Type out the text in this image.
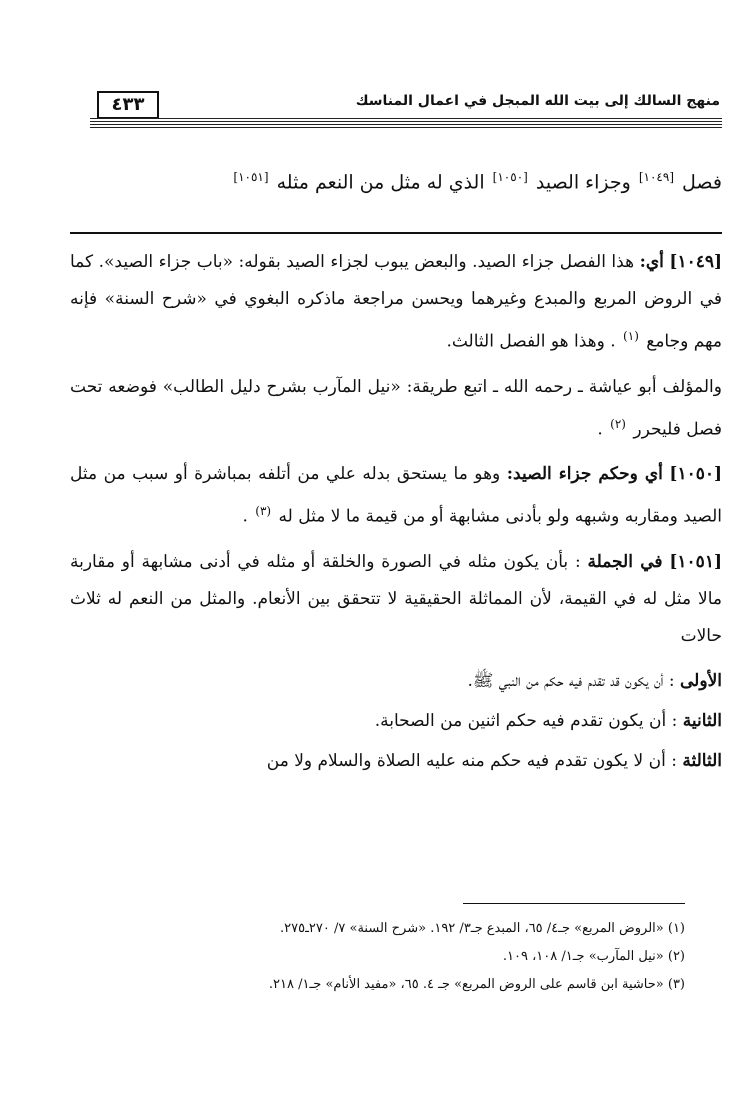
منهج السالك إلى بيت الله المبجل في اعمال المناسك
٤٣٣
فصل [١٠٤٩] وجزاء الصيد [١٠٥٠] الذي له مثل من النعم مثله [١٠٥١]

[١٠٤٩] أي: هذا الفصل جزاء الصيد. والبعض يبوب لجزاء الصيد بقوله: «باب جزاء الصيد». كما في الروض المربع والمبدع وغيرهما ويحسن مراجعة ماذكره البغوي في «شرح السنة» فإنه مهم وجامع $^{(١)}$ . وهذا هو الفصل الثالث.

والمؤلف أبو عياشة ـ رحمه الله ـ اتبع طريقة: «نيل المآرب بشرح دليل الطالب» فوضعه تحت فصل فليحرر $^{(٢)}$ .

[١٠٥٠] أي وحكم جزاء الصيد: وهو ما يستحق بدله علي من أتلفه بمباشرة أو سبب من مثل الصيد ومقاربه وشبهه ولو بأدنى مشابهة أو من قيمة ما لا مثل له $^{(٣)}$ .

[١٠٥١] في الجملة : بأن يكون مثله في الصورة والخلقة أو مثله في أدنى مشابهة أو مقاربة مالا مثل له في القيمة، لأن المماثلة الحقيقية لا تتحقق بين الأنعام. والمثل من النعم له ثلاث حالات

الأولى : أن يكون قد تقدم فيه حكم من النبي ﷺ.

الثانية : أن يكون تقدم فيه حكم اثنين من الصحابة.

الثالثة : أن لا يكون تقدم فيه حكم منه عليه الصلاة والسلام ولا من

(١) «الروض المربع» جـ٤/ ٦٥، المبدع جـ٣/ ١٩٢. «شرح السنة» ٧/ ٢٧٠ـ٢٧٥.

(٢) «نيل المآرب» جـ١/ ١٠٨، ١٠٩.

(٣) «حاشية ابن قاسم على الروض المربع» جـ ٤. ٦٥، «مفيد الأنام» جـ١/ ٢١٨.
